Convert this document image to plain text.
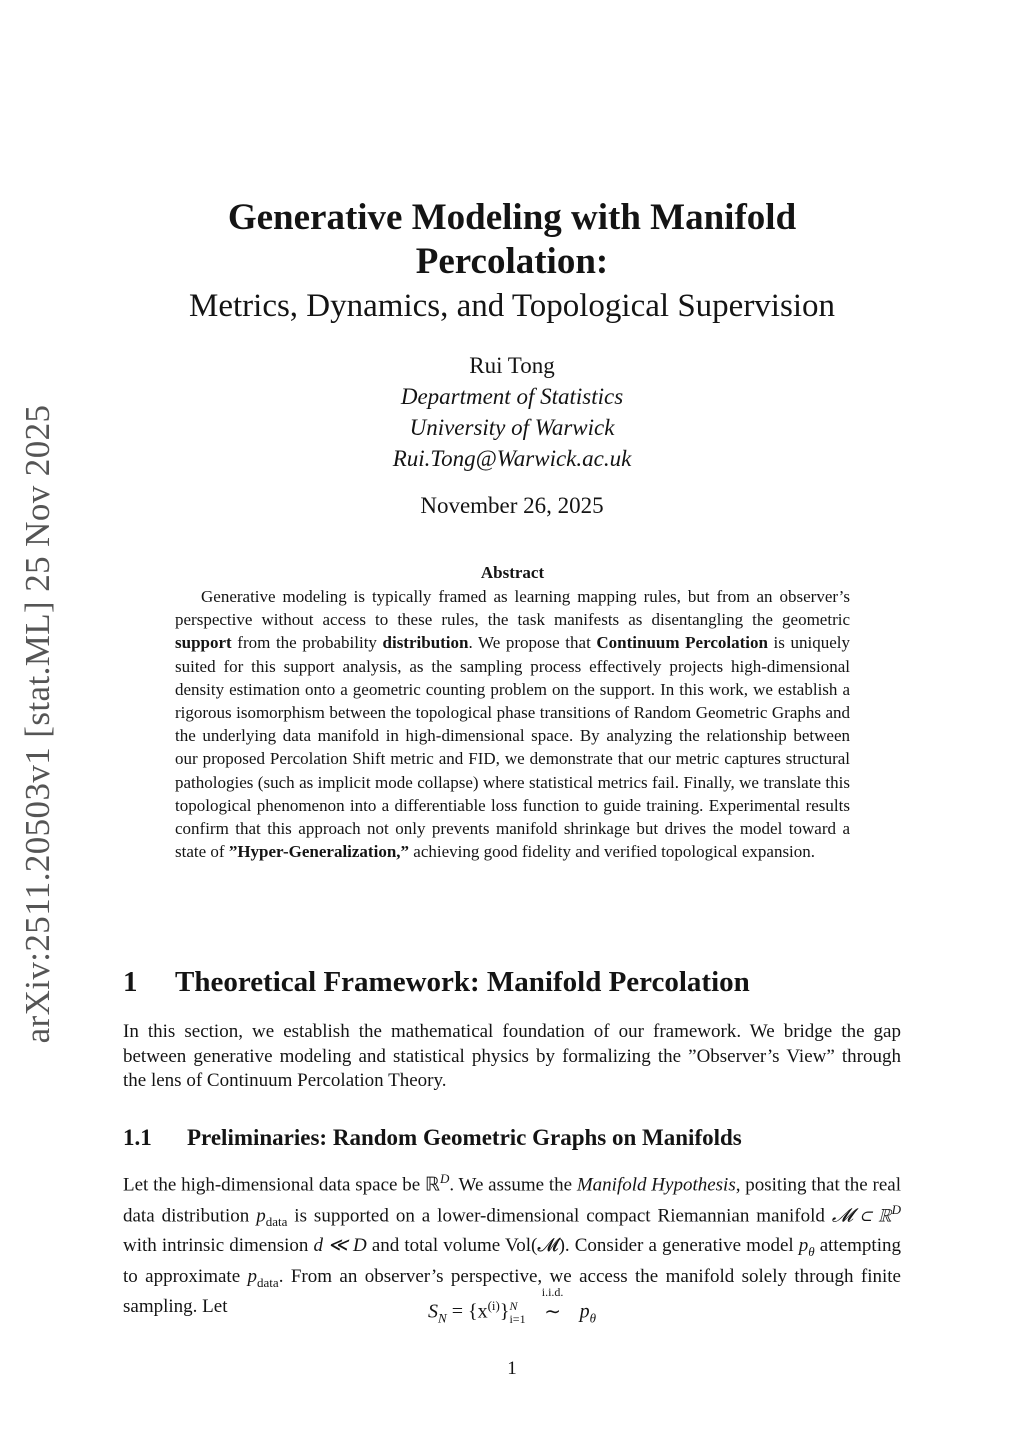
arXiv:2511.20503v1 [stat.ML] 25 Nov 2025
Generative Modeling with Manifold
Percolation:
Metrics, Dynamics, and Topological Supervision
Rui Tong
Department of Statistics
University of Warwick
Rui.Tong@Warwick.ac.uk
November 26, 2025
Abstract
Generative modeling is typically framed as learning mapping rules, but from an observer’s perspective without access to these rules, the task manifests as disentangling the geometric support from the probability distribution. We propose that Continuum Percolation is uniquely suited for this support analysis, as the sampling process effectively projects high-dimensional density estimation onto a geometric counting problem on the support. In this work, we establish a rigorous isomorphism between the topological phase transitions of Random Geometric Graphs and the underlying data manifold in high-dimensional space. By analyzing the relationship between our proposed Percolation Shift metric and FID, we demonstrate that our metric captures structural pathologies (such as implicit mode collapse) where statistical metrics fail. Finally, we translate this topological phenomenon into a differentiable loss function to guide training. Experimental results confirm that this approach not only prevents manifold shrinkage but drives the model toward a state of ”Hyper-Generalization,” achieving good fidelity and verified topological expansion.
1 Theoretical Framework: Manifold Percolation
In this section, we establish the mathematical foundation of our framework. We bridge the gap between generative modeling and statistical physics by formalizing the ”Observer’s View” through the lens of Continuum Percolation Theory.
1.1 Preliminaries: Random Geometric Graphs on Manifolds
Let the high-dimensional data space be ℝ$^D$. We assume the Manifold Hypothesis, positing that the real data distribution $p_{data}$ is supported on a lower-dimensional compact Riemannian manifold 𝓜 ⊂ ℝ$^D$ with intrinsic dimension d ≪ D and total volume Vol(𝓜). Consider a generative model $p_\theta$ attempting to approximate $p_{data}$. From an observer’s perspective, we access the manifold solely through finite sampling. Let	$S_N = \{x^{(i)}\}$ N
i=1

i.i.d.
∼ $p_\theta$
1
